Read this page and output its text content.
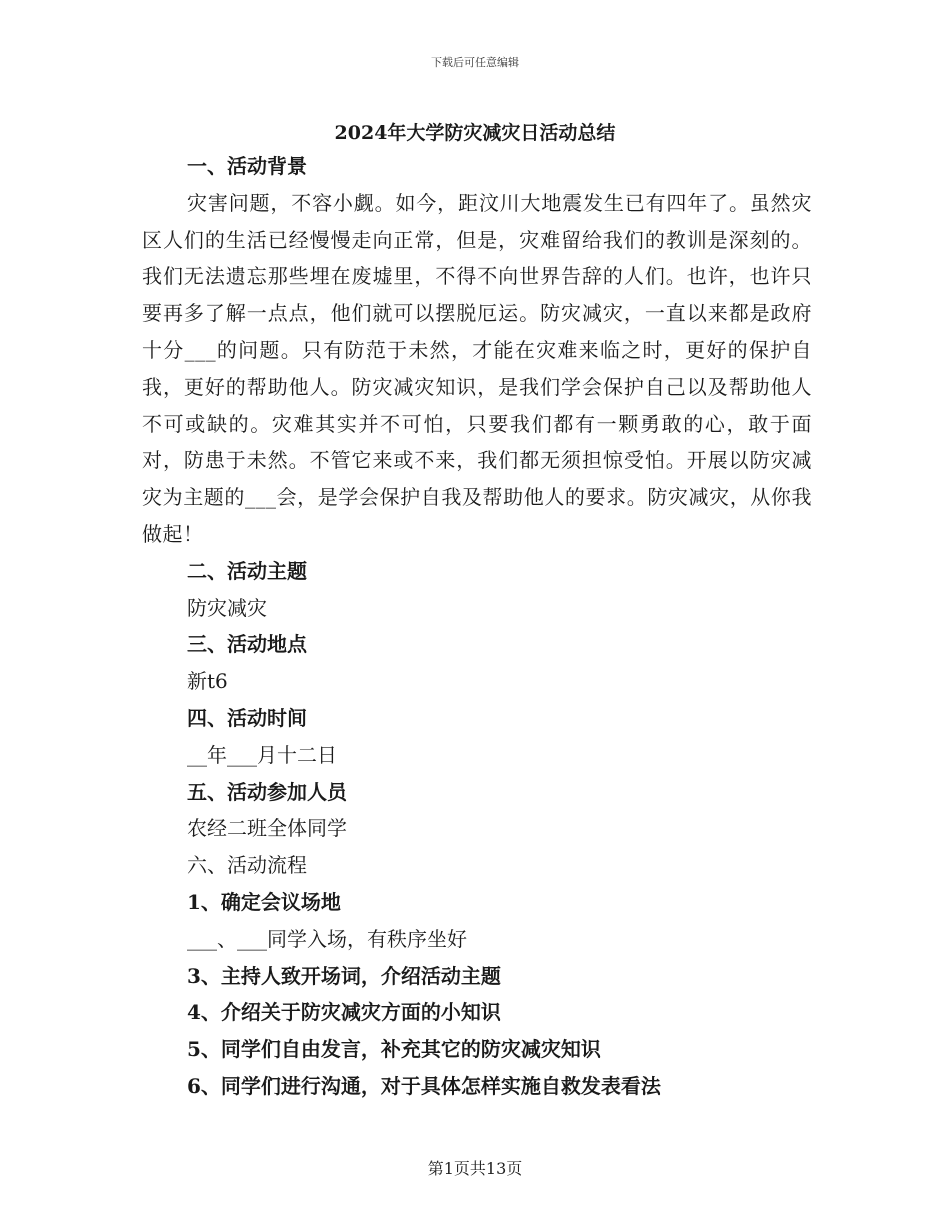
下载后可任意编辑
2024年大学防灾减灾日活动总结
一、活动背景

灾害问题，不容小觑。如今，距汶川大地震发生已有四年了。虽然灾区人们的生活已经慢慢走向正常，但是，灾难留给我们的教训是深刻的。我们无法遗忘那些埋在废墟里，不得不向世界告辞的人们。也许，也许只要再多了解一点点，他们就可以摆脱厄运。防灾减灾，一直以来都是政府十分___的问题。只有防范于未然，才能在灾难来临之时，更好的保护自我，更好的帮助他人。防灾减灾知识，是我们学会保护自己以及帮助他人不可或缺的。灾难其实并不可怕，只要我们都有一颗勇敢的心，敢于面对，防患于未然。不管它来或不来，我们都无须担惊受怕。开展以防灾减灾为主题的___会，是学会保护自我及帮助他人的要求。防灾减灾，从你我做起！

二、活动主题
防灾减灾
三、活动地点
新t6
四、活动时间
__年___月十二日
五、活动参加人员
农经二班全体同学
六、活动流程
1、确定会议场地
___、___同学入场，有秩序坐好
3、主持人致开场词，介绍活动主题
4、介绍关于防灾减灾方面的小知识
5、同学们自由发言，补充其它的防灾减灾知识
6、同学们进行沟通，对于具体怎样实施自救发表看法
第1页共13页
